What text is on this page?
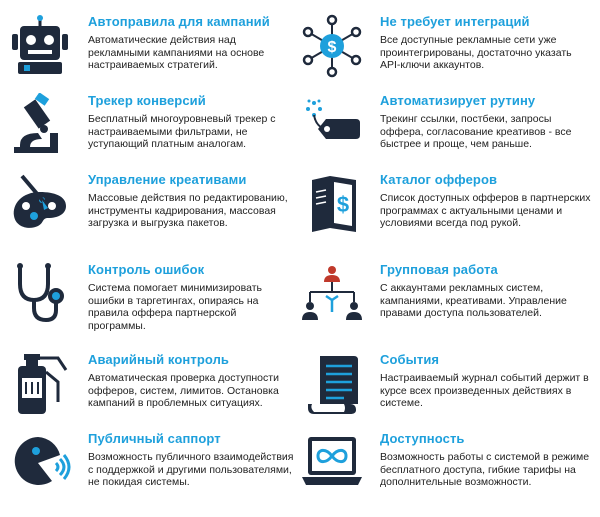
Автоправила для кампаний
Автоматические действия над рекламными кампаниями на основе настраиваемых стратегий.
$
Не требует интеграций
Все доступные рекламные сети уже проинтегрированы, достаточно указать API-ключи аккаунтов.
Трекер конверсий
Бесплатный многоуровневый трекер с настраиваемыми фильтрами, не уступающий платным аналогам.
Автоматизирует рутину
Трекинг ссылки, постбеки, запросы оффера, согласование креативов - все быстрее и проще, чем раньше.
Управление креативами
Массовые действия по редактированию, инструменты кадрирования, массовая загрузка и выгрузка пакетов.
$
Каталог офферов
Список доступных офферов в партнерских программах с актуальными ценами и условиями всегда под рукой.
Контроль ошибок
Система помогает минимизировать ошибки в таргетингах, опираясь на правила оффера партнерской программы.
Групповая работа
С аккаунтами рекламных систем, кампаниями, креативами. Управление правами доступа пользователей.
Аварийный контроль
Автоматическая проверка доступности офферов, систем, лимитов. Остановка кампаний в проблемных ситуациях.
События
Настраиваемый журнал событий держит в курсе всех произведенных действиях в системе.
Публичный саппорт
Возможность публичного взаимодействия с поддержкой и другими пользователями, не покидая системы.
Доступность
Возможность работы с системой в режиме бесплатного доступа, гибкие тарифы на дополнительные возможности.
